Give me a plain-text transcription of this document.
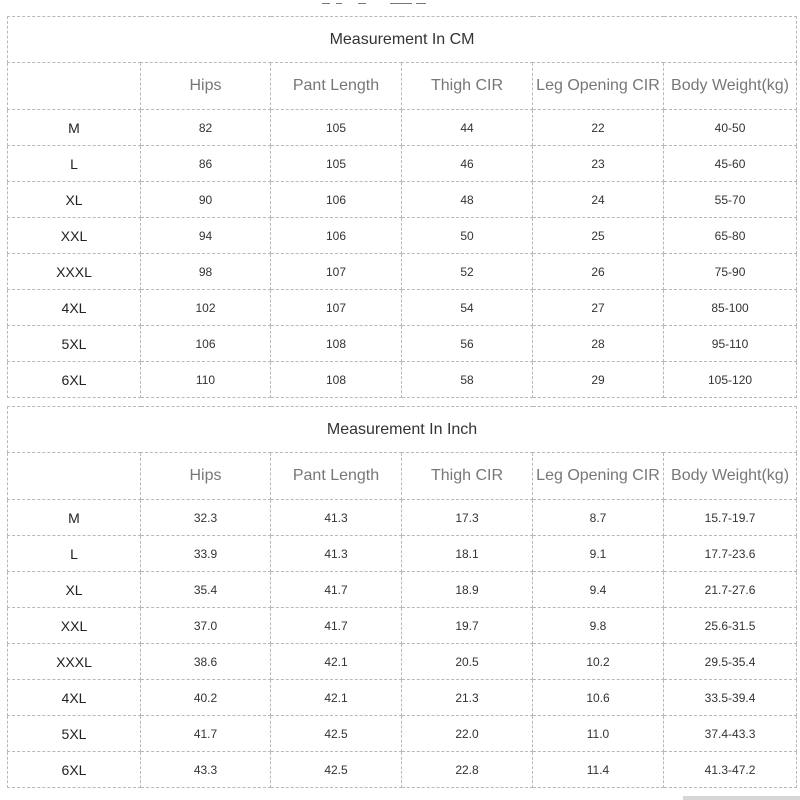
Measurement In CM					
	Hips	Pant Length	Thigh CIR	Leg Opening CIR	Body Weight(kg)
M	82	105	44	22	40-50
L	86	105	46	23	45-60
XL	90	106	48	24	55-70
XXL	94	106	50	25	65-80
XXXL	98	107	52	26	75-90
4XL	102	107	54	27	85-100
5XL	106	108	56	28	95-110
6XL	110	108	58	29	105-120
Measurement In Inch					
	Hips	Pant Length	Thigh CIR	Leg Opening CIR	Body Weight(kg)
M	32.3	41.3	17.3	8.7	15.7-19.7
L	33.9	41.3	18.1	9.1	17.7-23.6
XL	35.4	41.7	18.9	9.4	21.7-27.6
XXL	37.0	41.7	19.7	9.8	25.6-31.5
XXXL	38.6	42.1	20.5	10.2	29.5-35.4
4XL	40.2	42.1	21.3	10.6	33.5-39.4
5XL	41.7	42.5	22.0	11.0	37.4-43.3
6XL	43.3	42.5	22.8	11.4	41.3-47.2
